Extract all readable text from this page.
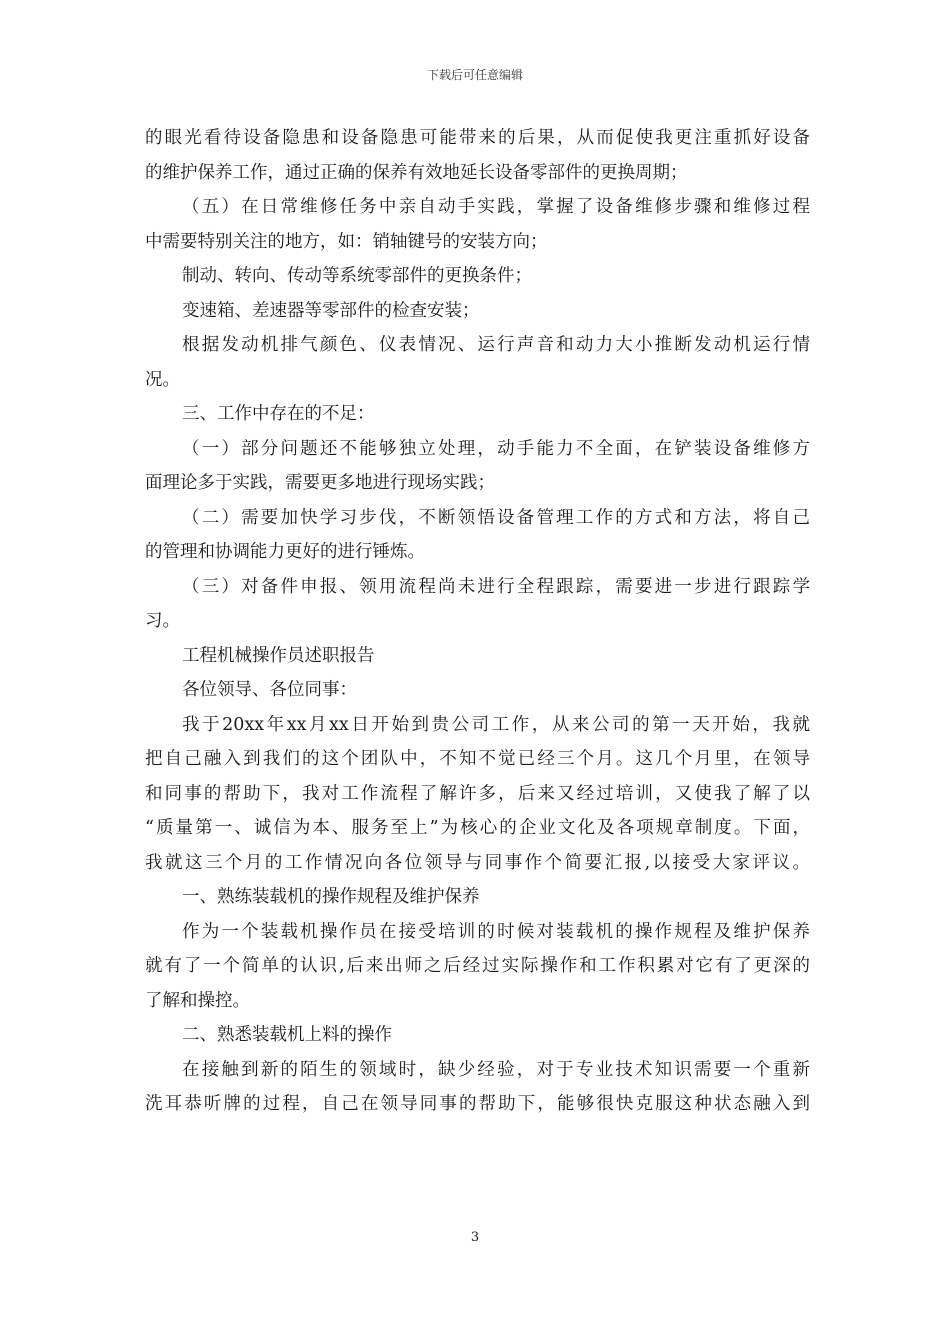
下载后可任意编辑
的眼光看待设备隐患和设备隐患可能带来的后果，从而促使我更注重抓好设备
的维护保养工作，通过正确的保养有效地延长设备零部件的更换周期；
（五）在日常维修任务中亲自动手实践，掌握了设备维修步骤和维修过程
中需要特别关注的地方，如：销轴键号的安装方向；
制动、转向、传动等系统零部件的更换条件；
变速箱、差速器等零部件的检查安装；
根据发动机排气颜色、仪表情况、运行声音和动力大小推断发动机运行情
况。
三、工作中存在的不足：
（一）部分问题还不能够独立处理，动手能力不全面，在铲装设备维修方
面理论多于实践，需要更多地进行现场实践；
（二）需要加快学习步伐，不断领悟设备管理工作的方式和方法，将自己
的管理和协调能力更好的进行锤炼。
（三）对备件申报、领用流程尚未进行全程跟踪，需要进一步进行跟踪学
习。
工程机械操作员述职报告
各位领导、各位同事：
我于20xx年xx月xx日开始到贵公司工作，从来公司的第一天开始，我就
把自己融入到我们的这个团队中，不知不觉已经三个月。这几个月里，在领导
和同事的帮助下，我对工作流程了解许多，后来又经过培训，又使我了解了以
“质量第一、诚信为本、服务至上”为核心的企业文化及各项规章制度。下面，
我就这三个月的工作情况向各位领导与同事作个简要汇报,以接受大家评议。
一、熟练装载机的操作规程及维护保养
作为一个装载机操作员在接受培训的时候对装载机的操作规程及维护保养
就有了一个简单的认识,后来出师之后经过实际操作和工作积累对它有了更深的
了解和操控。
二、熟悉装载机上料的操作
在接触到新的陌生的领域时，缺少经验，对于专业技术知识需要一个重新
洗耳恭听牌的过程，自己在领导同事的帮助下，能够很快克服这种状态融入到
3
